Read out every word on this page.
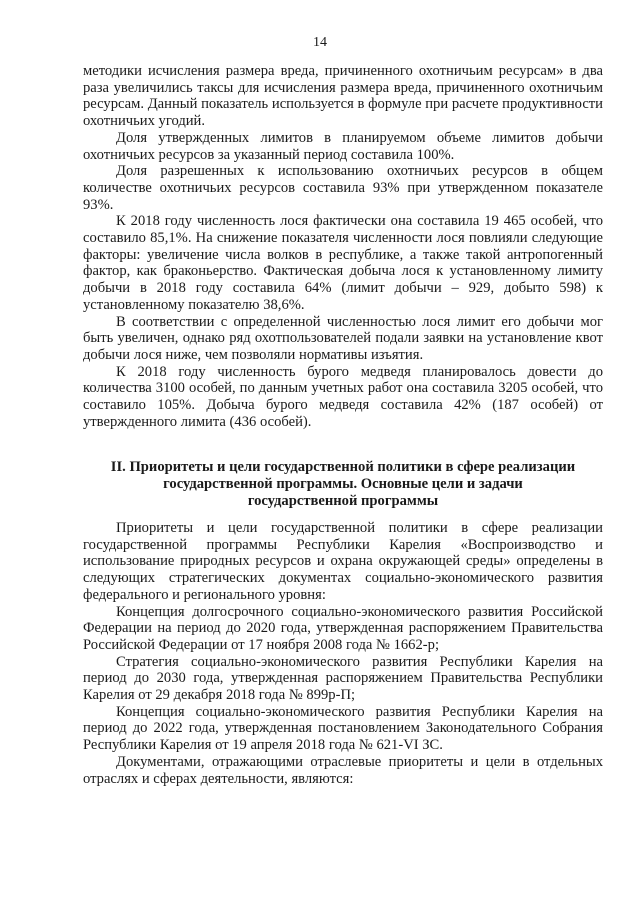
14

методики исчисления размера вреда, причиненного охотничьим ресурсам» в два раза увеличились таксы для исчисления размера вреда, причиненного охотничьим ресурсам. Данный показатель используется в формуле при расчете продуктивности охотничьих угодий.

Доля утвержденных лимитов в планируемом объеме лимитов добычи охотничьих ресурсов за указанный период составила 100%.

Доля разрешенных к использованию охотничьих ресурсов в общем количестве охотничьих ресурсов составила 93% при утвержденном показателе 93%.

К 2018 году численность лося фактически она составила 19 465 особей, что составило 85,1%. На снижение показателя численности лося повлияли следующие факторы: увеличение числа волков в республике, а также такой антропогенный фактор, как браконьерство. Фактическая добыча лося к установленному лимиту добычи в 2018 году составила 64% (лимит добычи – 929, добыто 598) к установленному показателю 38,6%.

В соответствии с определенной численностью лося лимит его добычи мог быть увеличен, однако ряд охотпользователей подали заявки на установление квот добычи лося ниже, чем позволяли нормативы изъятия.

К 2018 году численность бурого медведя планировалось довести до количества 3100 особей, по данным учетных работ она составила 3205 особей, что составило 105%. Добыча бурого медведя составила 42% (187 особей) от утвержденного лимита (436 особей).

II. Приоритеты и цели государственной политики в сфере реализации
государственной программы. Основные цели и задачи
государственной программы

Приоритеты и цели государственной политики в сфере реализации государственной программы Республики Карелия «Воспроизводство и использование природных ресурсов и охрана окружающей среды» определены в следующих стратегических документах социально-экономического развития федерального и регионального уровня:

Концепция долгосрочного социально-экономического развития Российской Федерации на период до 2020 года, утвержденная распоряжением Правительства Российской Федерации от 17 ноября 2008 года № 1662-р;

Стратегия социально-экономического развития Республики Карелия на период до 2030 года, утвержденная распоряжением Правительства Республики Карелия от 29 декабря 2018 года № 899р-П;

Концепция социально-экономического развития Республики Карелия на период до 2022 года, утвержденная постановлением Законодательного Собрания Республики Карелия от 19 апреля 2018 года № 621-VI ЗС.

Документами, отражающими отраслевые приоритеты и цели в отдельных отраслях и сферах деятельности, являются:
